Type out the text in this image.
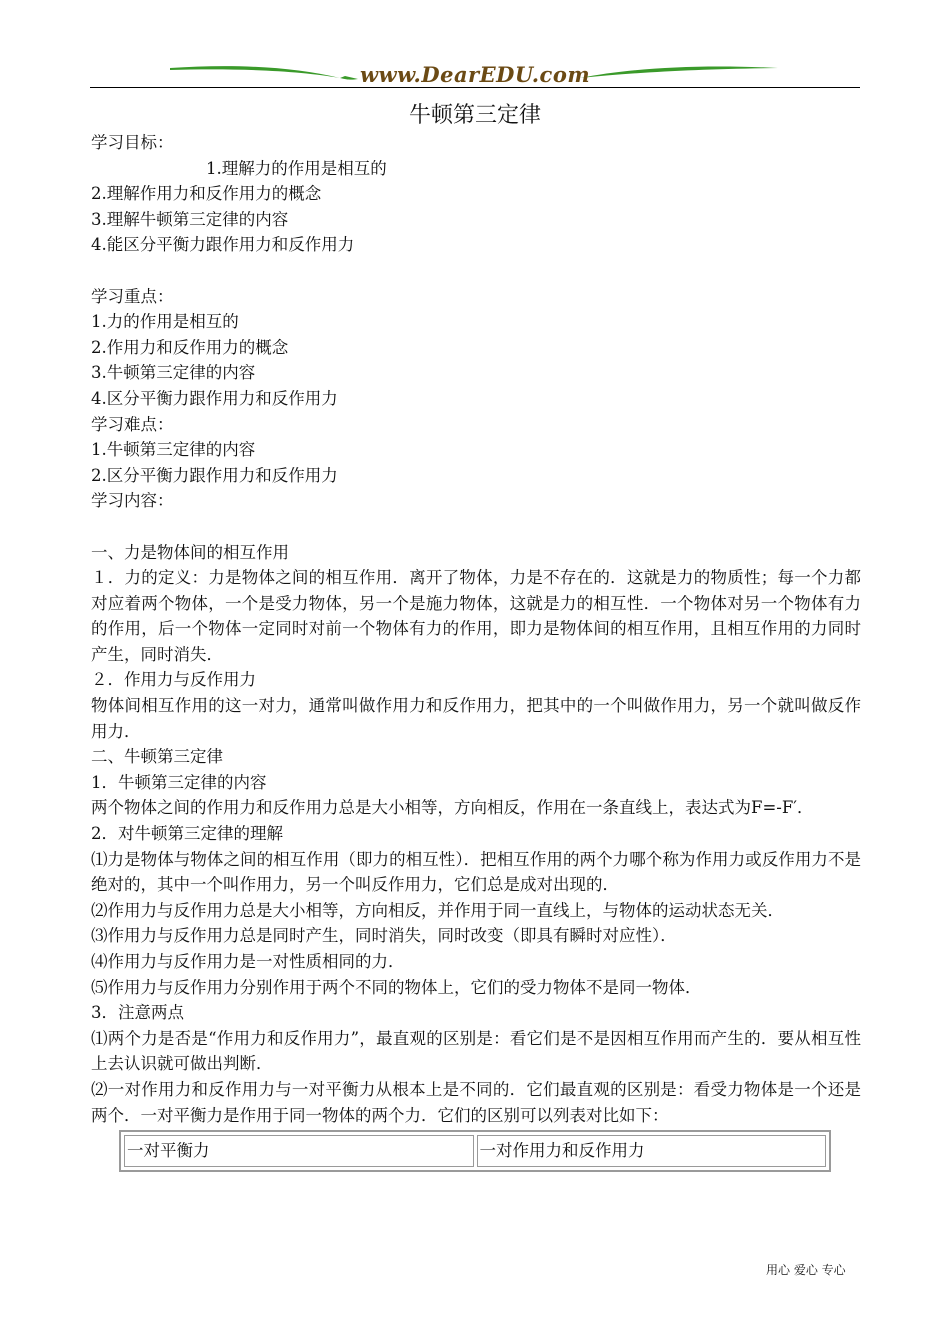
www.DearEDU.com
牛顿第三定律

学习目标：

1.理解力的作用是相互的

2.理解作用力和反作用力的概念

3.理解牛顿第三定律的内容

4.能区分平衡力跟作用力和反作用力

学习重点：

1.力的作用是相互的

2.作用力和反作用力的概念

3.牛顿第三定律的内容

4.区分平衡力跟作用力和反作用力

学习难点：

1.牛顿第三定律的内容

2.区分平衡力跟作用力和反作用力

学习内容：

一、力是物体间的相互作用

１．力的定义：力是物体之间的相互作用．离开了物体，力是不存在的．这就是力的物质性；每一个力都对应着两个物体，一个是受力物体，另一个是施力物体，这就是力的相互性．一个物体对另一个物体有力的作用，后一个物体一定同时对前一个物体有力的作用，即力是物体间的相互作用，且相互作用的力同时产生，同时消失．

２．作用力与反作用力

物体间相互作用的这一对力，通常叫做作用力和反作用力，把其中的一个叫做作用力，另一个就叫做反作用力．

二、牛顿第三定律

1．牛顿第三定律的内容

两个物体之间的作用力和反作用力总是大小相等，方向相反，作用在一条直线上，表达式为F=-F′．

2．对牛顿第三定律的理解

⑴力是物体与物体之间的相互作用（即力的相互性）．把相互作用的两个力哪个称为作用力或反作用力不是绝对的，其中一个叫作用力，另一个叫反作用力，它们总是成对出现的．

⑵作用力与反作用力总是大小相等，方向相反，并作用于同一直线上，与物体的运动状态无关．

⑶作用力与反作用力总是同时产生，同时消失，同时改变（即具有瞬时对应性）．

⑷作用力与反作用力是一对性质相同的力．

⑸作用力与反作用力分别作用于两个不同的物体上，它们的受力物体不是同一物体．

3．注意两点

⑴两个力是否是“作用力和反作用力”，最直观的区别是：看它们是不是因相互作用而产生的．要从相互性上去认识就可做出判断．

⑵一对作用力和反作用力与一对平衡力从根本上是不同的．它们最直观的区别是：看受力物体是一个还是两个．一对平衡力是作用于同一物体的两个力．它们的区别可以列表对比如下：

一对平衡力	一对作用力和反作用力
用心 爱心 专心
